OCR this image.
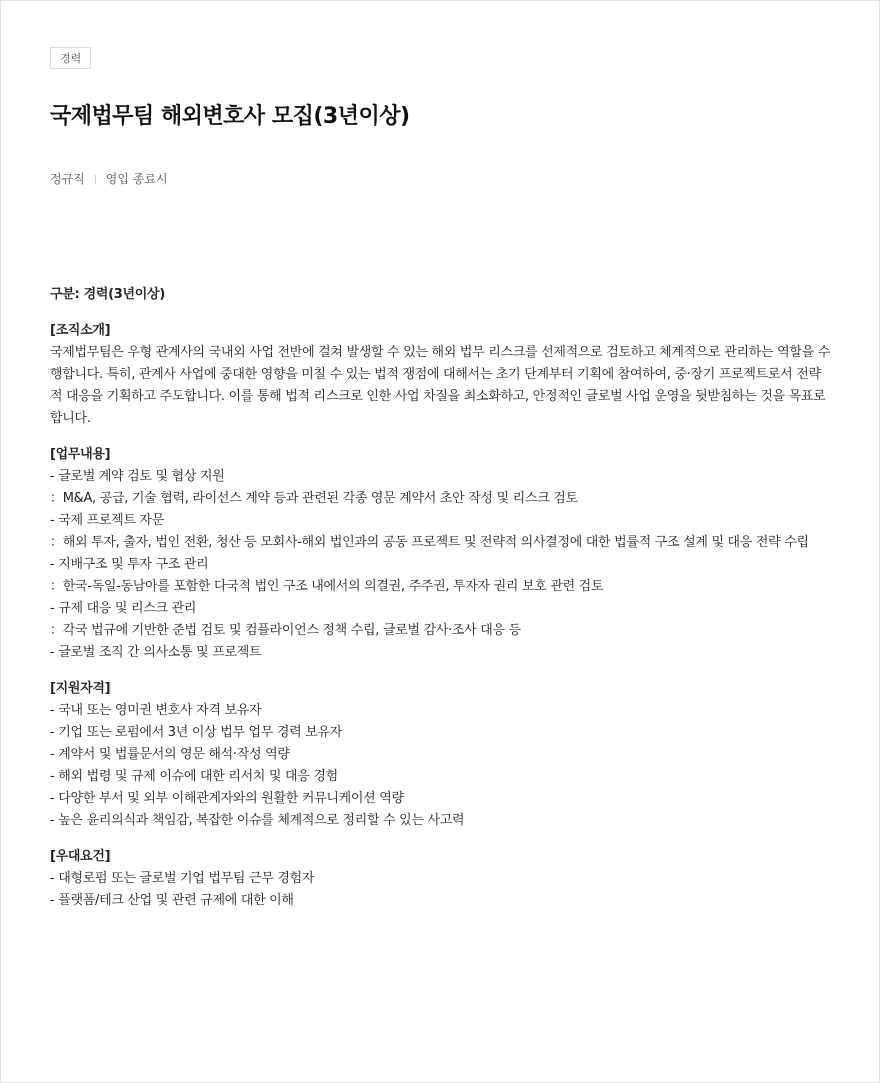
경력
국제법무팀 해외변호사 모집(3년이상)
정규직 영입 종료시
구분: 경력(3년이상)
[조직소개]
국제법무팀은 우형 관계사의 국내외 사업 전반에 걸쳐 발생할 수 있는 해외 법무 리스크를 선제적으로 검토하고 체계적으로 관리하는 역할을 수행합니다. 특히, 관계사 사업에 중대한 영향을 미칠 수 있는 법적 쟁점에 대해서는 초기 단계부터 기획에 참여하여, 중·장기 프로젝트로서 전략적 대응을 기획하고 주도합니다. 이를 통해 법적 리스크로 인한 사업 차질을 최소화하고, 안정적인 글로벌 사업 운영을 뒷받침하는 것을 목표로 합니다.
[업무내용]
- 글로벌 계약 검토 및 협상 지원
：M&A, 공급, 기술 협력, 라이선스 계약 등과 관련된 각종 영문 계약서 초안 작성 및 리스크 검토
- 국제 프로젝트 자문
：해외 투자, 출자, 법인 전환, 청산 등 모회사-해외 법인과의 공동 프로젝트 및 전략적 의사결정에 대한 법률적 구조 설계 및 대응 전략 수립
- 지배구조 및 투자 구조 관리
：한국-독일-동남아를 포함한 다국적 법인 구조 내에서의 의결권, 주주권, 투자자 권리 보호 관련 검토
- 규제 대응 및 리스크 관리
：각국 법규에 기반한 준법 검토 및 컴플라이언스 정책 수립, 글로벌 감사·조사 대응 등
- 글로벌 조직 간 의사소통 및 프로젝트
[지원자격]
- 국내 또는 영미권 변호사 자격 보유자
- 기업 또는 로펌에서 3년 이상 법무 업무 경력 보유자
- 계약서 및 법률문서의 영문 해석·작성 역량
- 해외 법령 및 규제 이슈에 대한 리서치 및 대응 경험
- 다양한 부서 및 외부 이해관계자와의 원활한 커뮤니케이션 역량
- 높은 윤리의식과 책임감, 복잡한 이슈를 체계적으로 정리할 수 있는 사고력
[우대요건]
- 대형로펌 또는 글로벌 기업 법무팀 근무 경험자
- 플랫폼/테크 산업 및 관련 규제에 대한 이해
